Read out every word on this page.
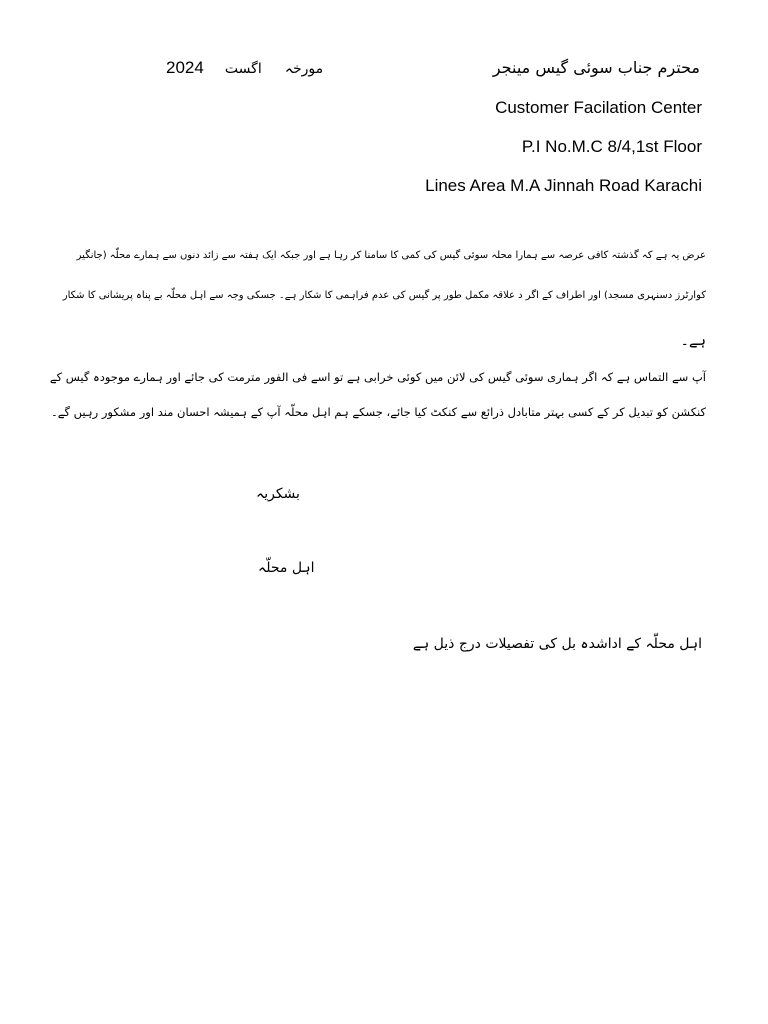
محترم جناب سوئی گیس مینجر
2024 اگست مورخہ
Customer Facilation Center
P.I No.M.C 8/4,1st Floor
Lines Area M.A Jinnah Road Karachi
عرض یہ ہے کہ گذشتہ کافی عرصہ سے ہمارا محلہ سوئی گیس کی کمی کا سامنا کر رہا ہے اور جبکہ ایک ہفتہ سے زائد دنوں سے ہمارے محلّہ (جانگیر
کوارٹرز دسنہری مسجد) اور اطراف کے اگر د علاقہ مکمل طور پر گیس کی عدم فراہمی کا شکار ہے۔ جسکی وجہ سے اہل محلّہ بے پناہ پریشانی کا شکار
ہے۔
آپ سے التماس ہے کہ اگر ہماری سوئی گیس کی لائن میں کوئی خرابی ہے تو اسے فی الفور مترمت کی جائے اور ہمارے موجودہ گیس کے
کنکشن کو تبدیل کر کے کسی بہتر متابادل ذرائع سے کنکٹ کیا جائے، جسکے ہم اہل محلّہ آپ کے ہمیشہ احسان مند اور مشکور رہیں گے۔
بشکریہ
اہل محلّہ
اہل محلّہ کے اداشدہ بل کی تفصیلات درج ذیل ہے
